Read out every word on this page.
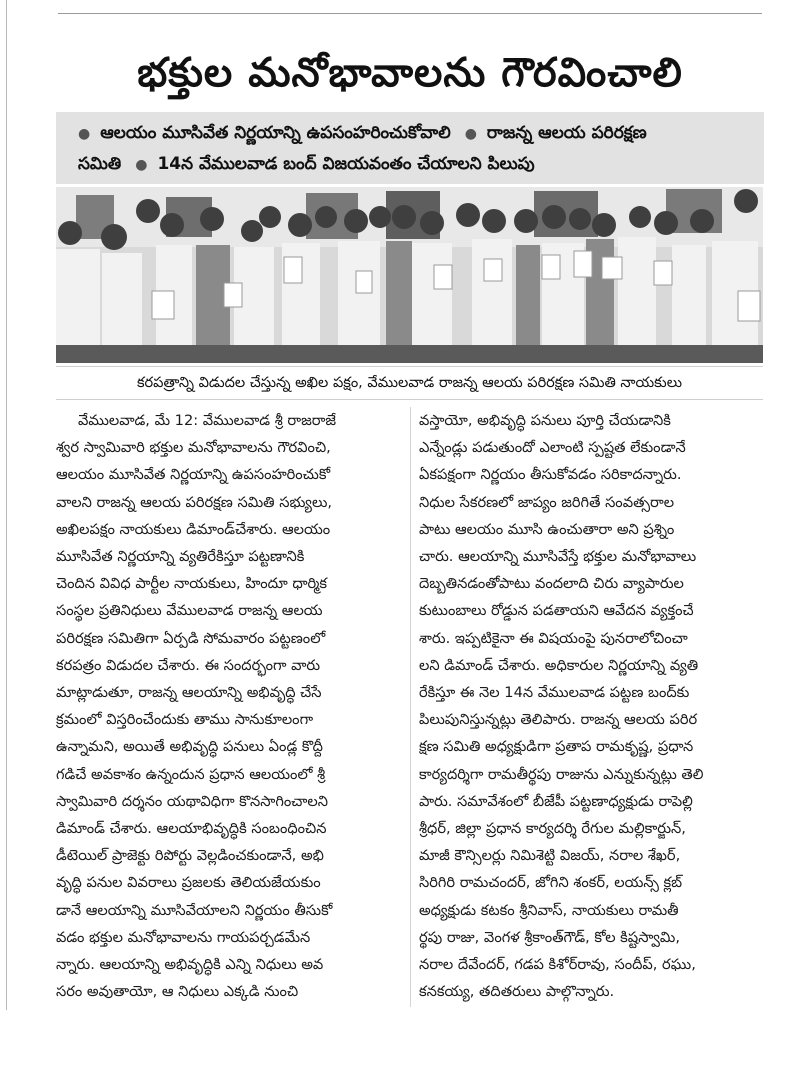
భక్తుల మనోభావాలను గౌరవించాలి
● ఆలయం మూసివేత నిర్ణయాన్ని ఉపసంహరించుకోవాలి ● రాజన్న ఆలయ పరిరక్షణ
సమితి ● 14న వేములవాడ బంద్ విజయవంతం చేయాలని పిలుపు
కరపత్రాన్ని విడుదల చేస్తున్న అఖిల పక్షం, వేములవాడ రాజన్న ఆలయ పరిరక్షణ సమితి నాయకులు

వేములవాడ, మే 12: వేములవాడ శ్రీ రాజరాజే
శ్వర స్వామివారి భక్తుల మనోభావాలను గౌరవించి,
ఆలయం మూసివేత నిర్ణయాన్ని ఉపసంహరించుకో
వాలని రాజన్న ఆలయ పరిరక్షణ సమితి సభ్యులు,
అఖిలపక్షం నాయకులు డిమాండ్‌చేశారు. ఆలయం
మూసివేత నిర్ణయాన్ని వ్యతిరేకిస్తూ పట్టణానికి
చెందిన వివిధ పార్టీల నాయకులు, హిందూ ధార్మిక
సంస్థల ప్రతినిధులు వేములవాడ రాజన్న ఆలయ
పరిరక్షణ సమితిగా ఏర్పడి సోమవారం పట్టణంలో
కరపత్రం విడుదల చేశారు. ఈ సందర్భంగా వారు
మాట్లాడుతూ, రాజన్న ఆలయాన్ని అభివృద్ధి చేసే
క్రమంలో విస్తరించేందుకు తాము సానుకూలంగా
ఉన్నామని, అయితే అభివృద్ధి పనులు ఏండ్ల కొద్దీ
గడిచే అవకాశం ఉన్నందున ప్రధాన ఆలయంలో శ్రీ
స్వామివారి దర్శనం యథావిధిగా కొనసాగించాలని
డిమాండ్ చేశారు. ఆలయాభివృద్ధికి సంబంధించిన
డీటెయిల్ ప్రాజెక్టు రిపోర్టు వెల్లడించకుండానే, అభి
వృద్ధి పనుల వివరాలు ప్రజలకు తెలియజేయకుం
డానే ఆలయాన్ని మూసివేయాలని నిర్ణయం తీసుకో
వడం భక్తుల మనోభావాలను గాయపర్చడమేన
న్నారు. ఆలయాన్ని అభివృద్ధికి ఎన్ని నిధులు అవ
సరం అవుతాయో, ఆ నిధులు ఎక్కడి నుంచి

వస్తాయో, అభివృద్ధి పనులు పూర్తి చేయడానికి
ఎన్నేండ్లు పడుతుందో ఎలాంటి స్పష్టత లేకుండానే
ఏకపక్షంగా నిర్ణయం తీసుకోవడం సరికాదన్నారు.
నిధుల సేకరణలో జాప్యం జరిగితే సంవత్సరాల
పాటు ఆలయం మూసి ఉంచుతారా అని ప్రశ్నిం
చారు. ఆలయాన్ని మూసివేస్తే భక్తుల మనోభావాలు
దెబ్బతినడంతోపాటు వందలాది చిరు వ్యాపారుల
కుటుంబాలు రోడ్డున పడతాయని ఆవేదన వ్యక్తంచే
శారు. ఇప్పటికైనా ఈ విషయంపై పునరాలోచించా
లని డిమాండ్ చేశారు. అధికారుల నిర్ణయాన్ని వ్యతి
రేకిస్తూ ఈ నెల 14న వేములవాడ పట్టణ బంద్‌కు
పిలుపునిస్తున్నట్లు తెలిపారు. రాజన్న ఆలయ పరిర
క్షణ సమితి అధ్యక్షుడిగా ప్రతాప రామకృష్ణ, ప్రధాన
కార్యదర్శిగా రామతీర్థపు రాజును ఎన్నుకున్నట్లు తెలి
పారు. సమావేశంలో బీజేపీ పట్టణాధ్యక్షుడు రాపెల్లి
శ్రీధర్, జిల్లా ప్రధాన కార్యదర్శి రేగుల మల్లికార్జున్,
మాజీ కౌన్సిలర్లు నిమిశెట్టి విజయ్, నరాల శేఖర్,
సిరిగిరి రామచందర్, జోగిని శంకర్, లయన్స్ క్లబ్
అధ్యక్షుడు కటకం శ్రీనివాస్, నాయకులు రామతీ
ర్థపు రాజు, వెంగళ శ్రీకాంత్‌గౌడ్, కోల కిష్టస్వామి,
నరాల దేవేందర్, గడప కిశోర్‌రావు, సందీప్, రఘు,
కనకయ్య, తదితరులు పాల్గొన్నారు.
